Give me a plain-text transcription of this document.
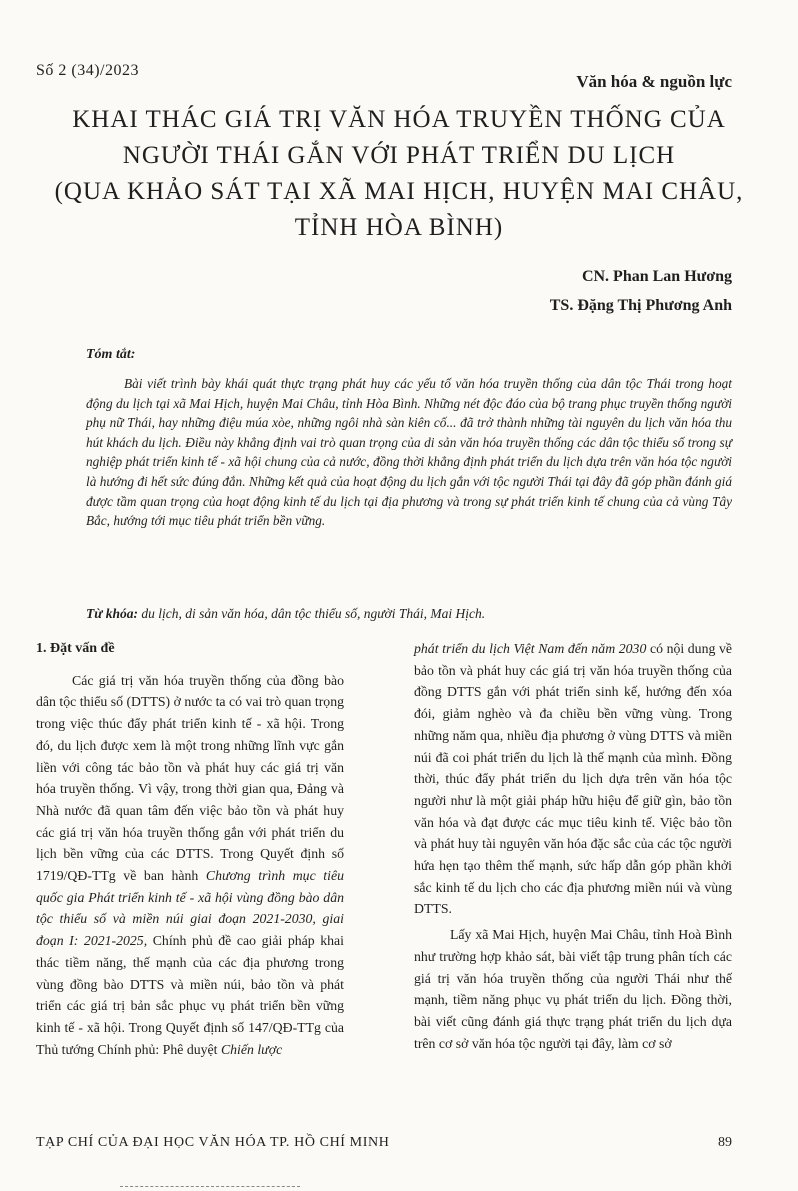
Số 2 (34)/2023
Văn hóa & nguồn lực
KHAI THÁC GIÁ TRỊ VĂN HÓA TRUYỀN THỐNG CỦA
NGƯỜI THÁI GẮN VỚI PHÁT TRIỂN DU LỊCH
(QUA KHẢO SÁT TẠI XÃ MAI HỊCH, HUYỆN MAI CHÂU,
TỈNH HÒA BÌNH)
CN. Phan Lan Hương
TS. Đặng Thị Phương Anh
Tóm tắt:
Bài viết trình bày khái quát thực trạng phát huy các yếu tố văn hóa truyền thống của dân tộc Thái trong hoạt động du lịch tại xã Mai Hịch, huyện Mai Châu, tỉnh Hòa Bình. Những nét độc đáo của bộ trang phục truyền thống người phụ nữ Thái, hay những điệu múa xòe, những ngôi nhà sàn kiên cố... đã trở thành những tài nguyên du lịch văn hóa thu hút khách du lịch. Điều này khẳng định vai trò quan trọng của di sản văn hóa truyền thống các dân tộc thiểu số trong sự nghiệp phát triển kinh tế - xã hội chung của cả nước, đồng thời khẳng định phát triển du lịch dựa trên văn hóa tộc người là hướng đi hết sức đúng đắn. Những kết quả của hoạt động du lịch gắn với tộc người Thái tại đây đã góp phần đánh giá được tầm quan trọng của hoạt động kinh tế du lịch tại địa phương và trong sự phát triển kinh tế chung của cả vùng Tây Bắc, hướng tới mục tiêu phát triển bền vững.
Từ khóa: du lịch, di sản văn hóa, dân tộc thiểu số, người Thái, Mai Hịch.
1. Đặt vấn đề

Các giá trị văn hóa truyền thống của đồng bào dân tộc thiểu số (DTTS) ở nước ta có vai trò quan trọng trong việc thúc đẩy phát triển kinh tế - xã hội. Trong đó, du lịch được xem là một trong những lĩnh vực gắn liền với công tác bảo tồn và phát huy các giá trị văn hóa truyền thống. Vì vậy, trong thời gian qua, Đảng và Nhà nước đã quan tâm đến việc bảo tồn và phát huy các giá trị văn hóa truyền thống gắn với phát triển du lịch bền vững của các DTTS. Trong Quyết định số 1719/QĐ-TTg về ban hành Chương trình mục tiêu quốc gia Phát triển kinh tế - xã hội vùng đồng bào dân tộc thiểu số và miền núi giai đoạn 2021-2030, giai đoạn I: 2021-2025, Chính phủ đề cao giải pháp khai thác tiềm năng, thế mạnh của các địa phương trong vùng đồng bào DTTS và miền núi, bảo tồn và phát triển các giá trị bản sắc phục vụ phát triển bền vững kinh tế - xã hội. Trong Quyết định số 147/QĐ-TTg của Thủ tướng Chính phủ: Phê duyệt Chiến lược

phát triển du lịch Việt Nam đến năm 2030 có nội dung về bảo tồn và phát huy các giá trị văn hóa truyền thống của đồng DTTS gắn với phát triển sinh kế, hướng đến xóa đói, giảm nghèo và đa chiều bền vững vùng. Trong những năm qua, nhiều địa phương ở vùng DTTS và miền núi đã coi phát triển du lịch là thế mạnh của mình. Đồng thời, thúc đẩy phát triển du lịch dựa trên văn hóa tộc người như là một giải pháp hữu hiệu để giữ gìn, bảo tồn văn hóa và đạt được các mục tiêu kinh tế. Việc bảo tồn và phát huy tài nguyên văn hóa đặc sắc của các tộc người hứa hẹn tạo thêm thế mạnh, sức hấp dẫn góp phần khởi sắc kinh tế du lịch cho các địa phương miền núi và vùng DTTS.

Lấy xã Mai Hịch, huyện Mai Châu, tỉnh Hoà Bình như trường hợp khảo sát, bài viết tập trung phân tích các giá trị văn hóa truyền thống của người Thái như thế mạnh, tiềm năng phục vụ phát triển du lịch. Đồng thời, bài viết cũng đánh giá thực trạng phát triển du lịch dựa trên cơ sở văn hóa tộc người tại đây, làm cơ sở

TẠP CHÍ CỦA ĐẠI HỌC VĂN HÓA TP. HỒ CHÍ MINH	89
